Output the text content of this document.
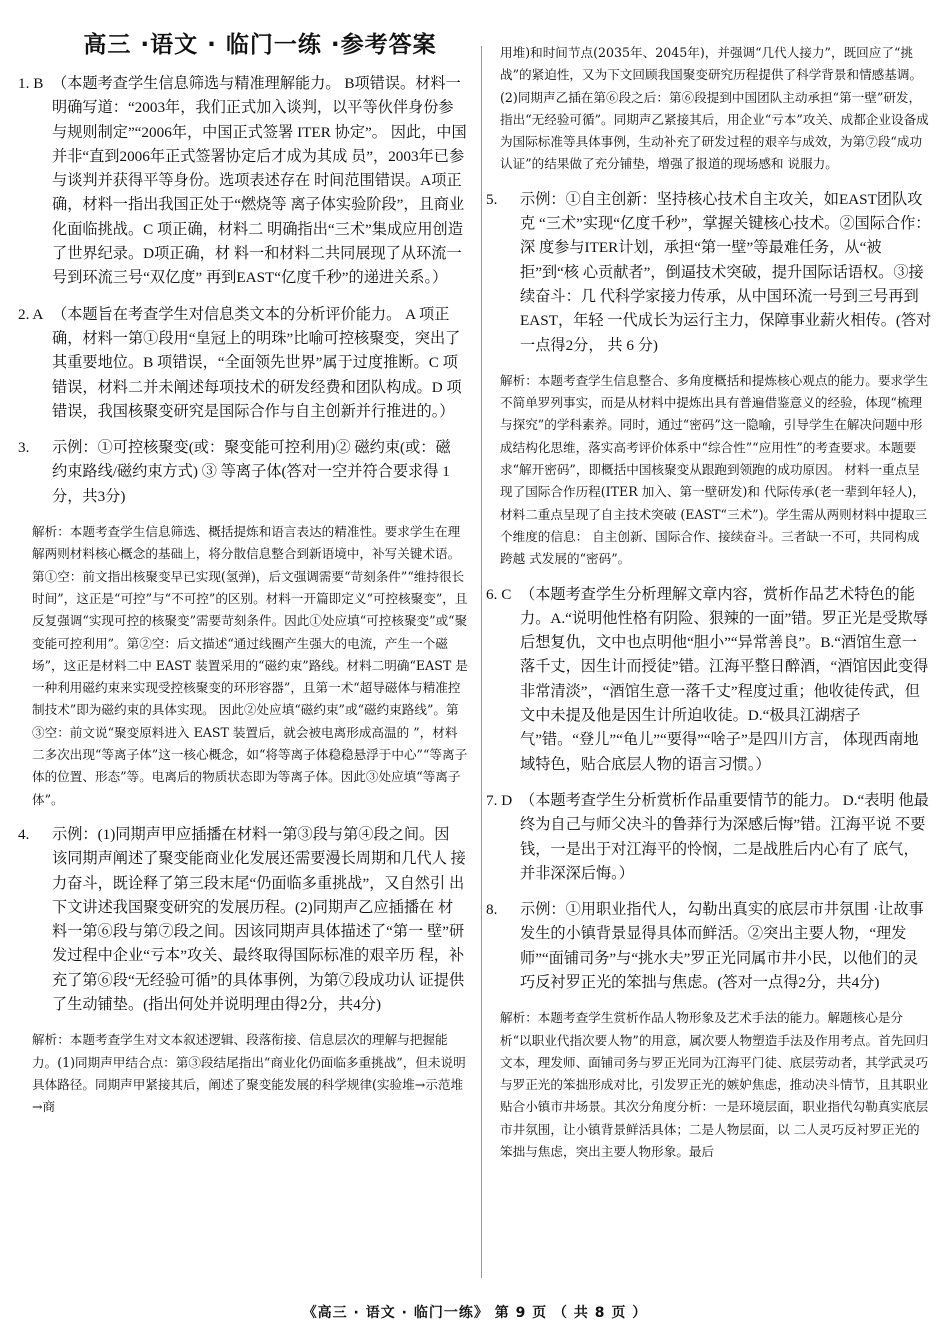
高三 ·语文 · 临门一练 ·参考答案
1. B （本题考查学生信息筛选与精准理解能力。 B项错误。材料一明确写道：“2003年，我们正式加入谈判，以平等伙伴身份参与规则制定”“2006年，中国正式签署 ITER 协定”。 因此，中国并非“直到2006年正式签署协定后才成为其成 员”，2003年已参与谈判并获得平等身份。选项表述存在 时间范围错误。A项正确，材料一指出我国正处于“燃烧等 离子体实验阶段”，且商业化面临挑战。C 项正确，材料二 明确指出“三术”集成应用创造了世界纪录。D项正确，材 料一和材料二共同展现了从环流一号到环流三号“双亿度” 再到EAST“亿度千秒”的递进关系。）
2. A （本题旨在考查学生对信息类文本的分析评价能力。 A 项正确，材料一第①段用“皇冠上的明珠”比喻可控核聚变，突出了其重要地位。B 项错误，“全面领先世界”属于过度推断。C 项错误，材料二并未阐述每项技术的研发经费和团队构成。D 项错误，我国核聚变研究是国际合作与自主创新并行推进的。）
3.	示例：①可控核聚变(或：聚变能可控利用)② 磁约束(或：磁 约束路线/磁约束方式) ③ 等离子体(答对一空并符合要求得 1分，共3分)
解析：本题考查学生信息筛选、概括提炼和语言表达的精准性。要求学生在理解两则材料核心概念的基础上，将分散信息整合到新语境中，补写关键术语。第①空：前文指出核聚变早已实现(氢弹)，后文强调需要“苛刻条件”“维持很长时间”，这正是“可控”与“不可控”的区别。材料一开篇即定义“可控核聚变”，且反复强调“实现可控的核聚变”需要苛刻条件。因此①处应填“可控核聚变”或“聚变能可控利用”。第②空：后文描述“通过线圈产生强大的电流，产生一个磁场”，这正是材料二中 EAST 装置采用的“磁约束”路线。材料二明确“EAST 是一种利用磁约束来实现受控核聚变的环形容器”，且第一术“超导磁体与精准控制技术”即为磁约束的具体实现。 因此②处应填“磁约束”或“磁约束路线”。第③空：前文说“聚变原料进入 EAST 装置后，就会被电离形成高温的 ”，材料二多次出现“等离子体”这一核心概念，如“将等离子体稳稳悬浮于中心”“等离子体的位置、形态”等。电离后的物质状态即为等离子体。因此③处应填“等离子体”。
4.	示例：(1)同期声甲应插播在材料一第③段与第④段之间。因 该同期声阐述了聚变能商业化发展还需要漫长周期和几代人 接力奋斗，既诠释了第三段末尾“仍面临多重挑战”，又自然引 出下文讲述我国聚变研究的发展历程。(2)同期声乙应插播在 材料一第⑥段与第⑦段之间。因该同期声具体描述了“第一 壁”研发过程中企业“亏本”攻关、最终取得国际标准的艰辛历 程，补充了第⑥段“无经验可循”的具体事例，为第⑦段成功认 证提供了生动铺垫。(指出何处并说明理由得2分，共4分)
解析：本题考查学生对文本叙述逻辑、段落衔接、信息层次的理解与把握能力。(1)同期声甲结合点：第③段结尾指出“商业化仍面临多重挑战”，但未说明具体路径。同期声甲紧接其后，阐述了聚变能发展的科学规律(实验堆→示范堆→商
用堆)和时间节点(2035年、2045年)，并强调“几代人接力”，既回应了“挑战”的紧迫性，又为下文回顾我国聚变研究历程提供了科学背景和情感基调。(2)同期声乙插在第⑥段之后：第⑥段提到中国团队主动承担“第一壁”研发，指出“无经验可循”。同期声乙紧接其后，用企业“亏本”攻关、成都企业设备成为国际标准等具体事例，生动补充了研发过程的艰辛与成效，为第⑦段“成功认证”的结果做了充分铺垫，增强了报道的现场感和 说服力。
5.	示例：①自主创新：坚持核心技术自主攻关，如EAST团队攻克 “三术”实现“亿度千秒”，掌握关键核心技术。②国际合作：深 度参与ITER计划，承担“第一壁”等最难任务，从“被拒”到“核 心贡献者”，倒逼技术突破，提升国际话语权。③接续奋斗：几 代科学家接力传承，从中国环流一号到三号再到 EAST，年轻 一代成长为运行主力，保障事业薪火相传。(答对一点得2分， 共 6 分)
解析：本题考查学生信息整合、多角度概括和提炼核心观点的能力。要求学生不简单罗列事实，而是从材料中提炼出具有普遍借鉴意义的经验，体现“梳理与探究”的学科素养。同时，通过“密码”这一隐喻，引导学生在解决问题中形成结构化思维，落实高考评价体系中“综合性”“应用性”的考查要求。本题要 求“解开密码”，即概括中国核聚变从跟跑到领跑的成功原因。 材料一重点呈现了国际合作历程(ITER 加入、第一壁研发)和 代际传承(老一辈到年轻人)，材料二重点呈现了自主技术突破 (EAST“三术”)。学生需从两则材料中提取三个维度的信息： 自主创新、国际合作、接续奋斗。三者缺一不可，共同构成跨越 式发展的“密码”。
6. C （本题考查学生分析理解文章内容，赏析作品艺术特色的能力。A.“说明他性格有阴险、狠辣的一面”错。罗正光是受欺辱后想复仇，文中也点明他“胆小”“异常善良”。B.“酒馆生意一落千丈，因生计而授徒”错。江海平整日醉酒，“酒馆因此变得非常清淡”，“酒馆生意一落千丈”程度过重；他收徒传武，但文中未提及他是因生计所迫收徒。D.“极具江湖痞子气”错。“登儿”“龟儿”“要得”“啥子”是四川方言， 体现西南地域特色，贴合底层人物的语言习惯。）
7. D （本题考查学生分析赏析作品重要情节的能力。 D.“表明 他最终为自己与师父决斗的鲁莽行为深感后悔”错。江海平说 不要钱，一是出于对江海平的怜悯，二是战胜后内心有了 底气，并非深深后悔。）
8.	示例：①用职业指代人，勾勒出真实的底层市井氛围 ·让故事发生的小镇背景显得具体而鲜活。②突出主要人物，“理发师”“面铺司务”与“挑水夫”罗正光同属市井小民，以他们的灵巧反衬罗正光的笨拙与焦虑。(答对一点得2分，共4分)
解析：本题考查学生赏析作品人物形象及艺术手法的能力。解题核心是分析“以职业代指次要人物”的用意，属次要人物塑造手法及作用考点。首先回归文本，理发师、面铺司务与罗正光同为江海平门徒、底层劳动者，其学武灵巧与罗正光的笨拙形成对比，引发罗正光的嫉妒焦虑，推动决斗情节，且其职业贴合小镇市井场景。其次分角度分析：一是环境层面，职业指代勾勒真实底层市井氛围，让小镇背景鲜活具体；二是人物层面，以 二人灵巧反衬罗正光的笨拙与焦虑，突出主要人物形象。最后
《高三 · 语文 · 临门一练》 第 9 页 （ 共 8 页 ）
